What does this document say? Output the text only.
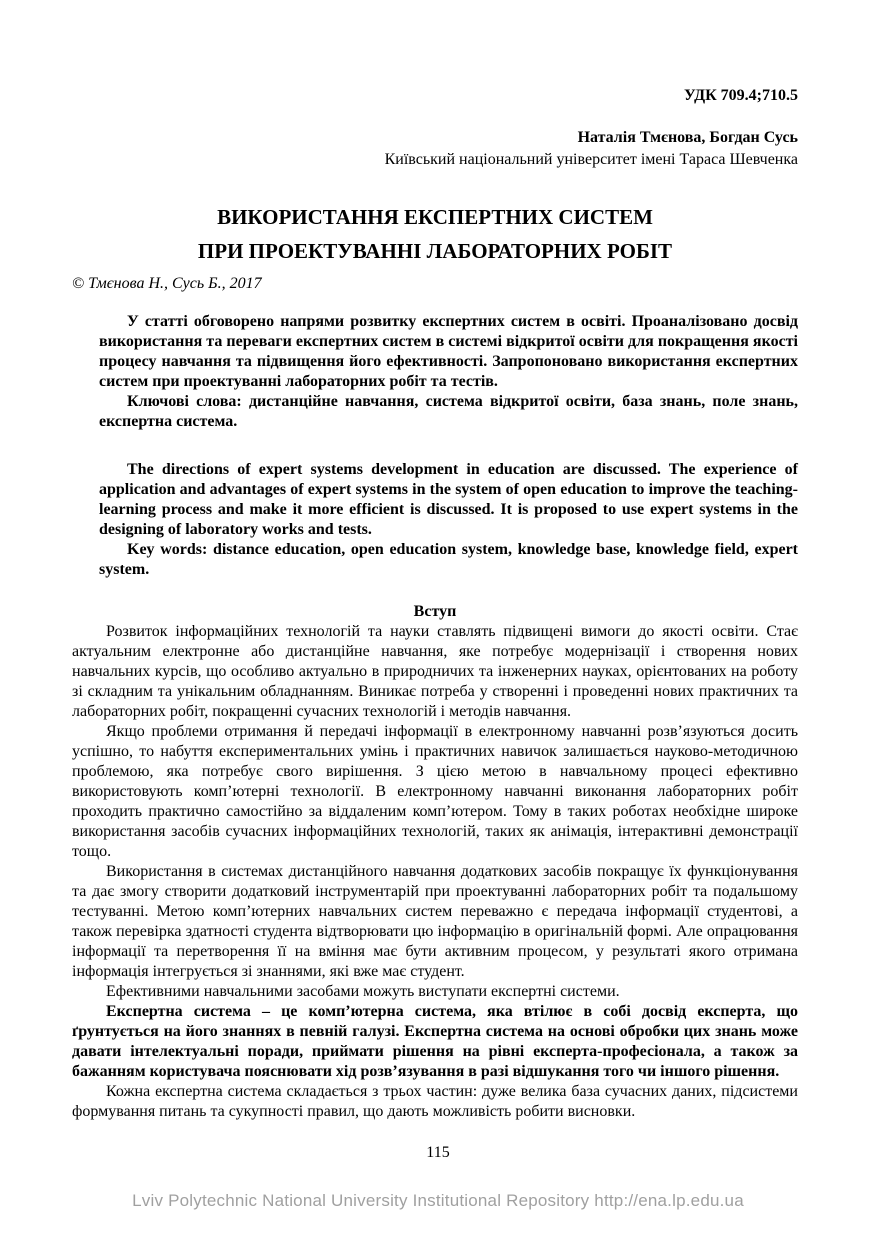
УДК 709.4;710.5
Наталія Тмєнова, Богдан Сусь
Київський національний університет імені Тараса Шевченка
ВИКОРИСТАННЯ ЕКСПЕРТНИХ СИСТЕМ
ПРИ ПРОЕКТУВАННІ ЛАБОРАТОРНИХ РОБІТ
© Тмєнова Н., Сусь Б., 2017

У статті обговорено напрями розвитку експертних систем в освіті. Проаналізовано досвід використання та переваги експертних систем в системі відкритої освіти для покращення якості процесу навчання та підвищення його ефективності. Запропоновано використання експертних систем при проектуванні лабораторних робіт та тестів.

Ключові слова: дистанційне навчання, система відкритої освіти, база знань, поле знань, експертна система.

The directions of expert systems development in education are discussed. The experience of application and advantages of expert systems in the system of open education to improve the teaching-learning process and make it more efficient is discussed. It is proposed to use expert systems in the designing of laboratory works and tests.

Key words: distance education, open education system, knowledge base, knowledge field, expert system.

Вступ

Розвиток інформаційних технологій та науки ставлять підвищені вимоги до якості освіти. Стає актуальним електронне або дистанційне навчання, яке потребує модернізації і створення нових навчальних курсів, що особливо актуально в природничих та інженерних науках, орієнтованих на роботу зі складним та унікальним обладнанням. Виникає потреба у створенні і проведенні нових практичних та лабораторних робіт, покращенні сучасних технологій і методів навчання.

Якщо проблеми отримання й передачі інформації в електронному навчанні розв’язуються досить успішно, то набуття експериментальних умінь і практичних навичок залишається науково-методичною проблемою, яка потребує свого вирішення. З цією метою в навчальному процесі ефективно використовують комп’ютерні технології. В електронному навчанні виконання лабораторних робіт проходить практично самостійно за віддаленим комп’ютером. Тому в таких роботах необхідне широке використання засобів сучасних інформаційних технологій, таких як анімація, інтерактивні демонстрації тощо.

Використання в системах дистанційного навчання додаткових засобів покращує їх функціонування та дає змогу створити додатковий інструментарій при проектуванні лабораторних робіт та подальшому тестуванні. Метою комп’ютерних навчальних систем переважно є передача інформації студентові, а також перевірка здатності студента відтворювати цю інформацію в оригінальній формі. Але опрацювання інформації та перетворення її на вміння має бути активним процесом, у результаті якого отримана інформація інтегрується зі знаннями, які вже має студент.

Ефективними навчальними засобами можуть виступати експертні системи.

Експертна система – це комп’ютерна система, яка втілює в собі досвід експерта, що ґрунтується на його знаннях в певній галузі. Експертна система на основі обробки цих знань може давати інтелектуальні поради, приймати рішення на рівні експерта-професіонала, а також за бажанням користувача пояснювати хід розв’язування в разі відшукання того чи іншого рішення.

Кожна експертна система складається з трьох частин: дуже велика база сучасних даних, підсистеми формування питань та сукупності правил, що дають можливість робити висновки.

115
Lviv Polytechnic National University Institutional Repository http://ena.lp.edu.ua
